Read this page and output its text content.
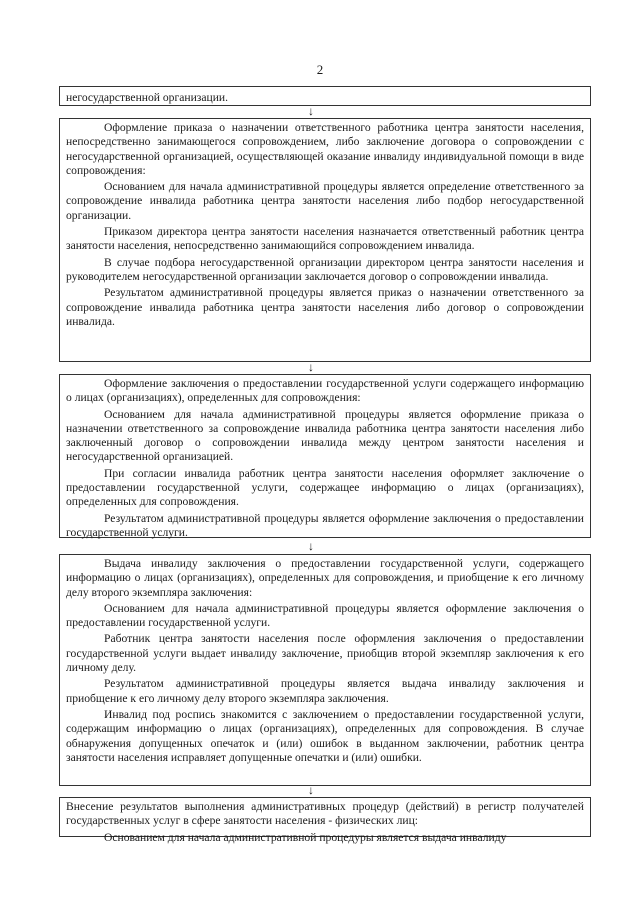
2

негосударственной организации.

↓

Оформление приказа о назначении ответственного работника центра занятости населения, непосредственно занимающегося сопровождением, либо заключение договора о сопровождении с негосударственной организацией, осуществляющей оказание инвалиду индивидуальной помощи в виде сопровождения:

Основанием для начала административной процедуры является определение ответственного за сопровождение инвалида работника центра занятости населения либо подбор негосударственной организации.

Приказом директора центра занятости населения назначается ответственный работник центра занятости населения, непосредственно занимающийся сопровождением инвалида.

В случае подбора негосударственной организации директором центра занятости населения и руководителем негосударственной организации заключается договор о сопровождении инвалида.

Результатом административной процедуры является приказ о назначении ответственного за сопровождение инвалида работника центра занятости населения либо договор о сопровождении инвалида.

↓

Оформление заключения о предоставлении государственной услуги содержащего информацию о лицах (организациях), определенных для сопровождения:

Основанием для начала административной процедуры является оформление приказа о назначении ответственного за сопровождение инвалида работника центра занятости населения либо заключенный договор о сопровождении инвалида между центром занятости населения и негосударственной организацией.

При согласии инвалида работник центра занятости населения оформляет заключение о предоставлении государственной услуги, содержащее информацию о лицах (организациях), определенных для сопровождения.

Результатом административной процедуры является оформление заключения о предоставлении государственной услуги.

↓

Выдача инвалиду заключения о предоставлении государственной услуги, содержащего информацию о лицах (организациях), определенных для сопровождения, и приобщение к его личному делу второго экземпляра заключения:

Основанием для начала административной процедуры является оформление заключения о предоставлении государственной услуги.

Работник центра занятости населения после оформления заключения о предоставлении государственной услуги выдает инвалиду заключение, приобщив второй экземпляр заключения к его личному делу.

Результатом административной процедуры является выдача инвалиду заключения и приобщение к его личному делу второго экземпляра заключения.

Инвалид под роспись знакомится с заключением о предоставлении государственной услуги, содержащим информацию о лицах (организациях), определенных для сопровождения. В случае обнаружения допущенных опечаток и (или) ошибок в выданном заключении, работник центра занятости населения исправляет допущенные опечатки и (или) ошибки.

↓

Внесение результатов выполнения административных процедур (действий) в регистр получателей государственных услуг в сфере занятости населения - физических лиц:

Основанием для начала административной процедуры является выдача инвалиду
